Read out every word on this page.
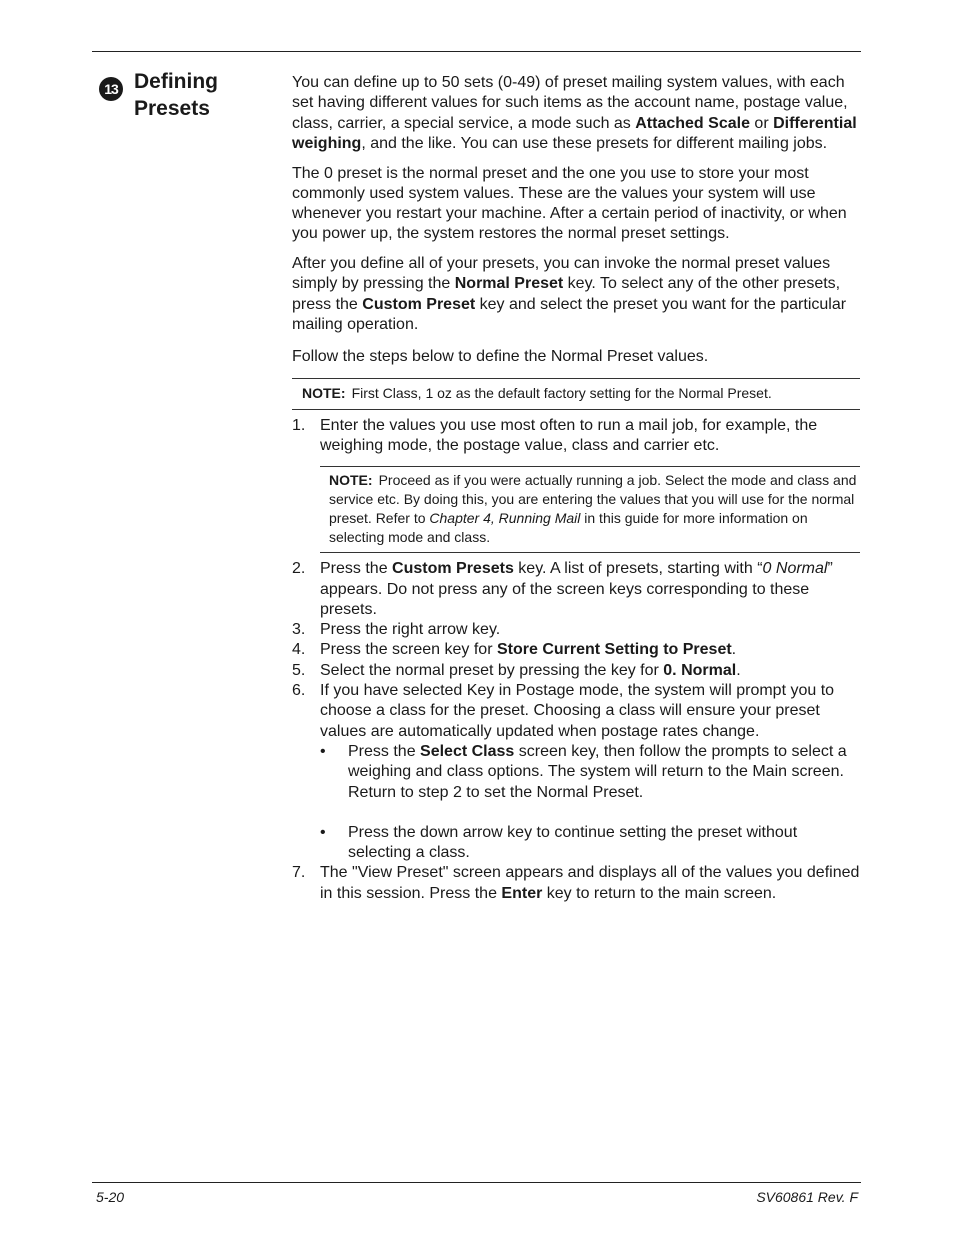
13 Defining
Presets

You can define up to 50 sets (0-49) of preset mailing system values, with each set having different values for such items as the account name, postage value, class, carrier, a special service, a mode such as Attached Scale or Differential weighing, and the like. You can use these presets for different mailing jobs.

The 0 preset is the normal preset and the one you use to store your most commonly used system values. These are the values your system will use whenever you restart your machine. After a certain period of inactivity, or when you power up, the system restores the normal preset settings.

After you define all of your presets, you can invoke the normal preset values simply by pressing the Normal Preset key. To select any of the other presets, press the Custom Preset key and select the preset you want for the particular mailing operation.

Follow the steps below to define the Normal Preset values.

NOTE: First Class, 1 oz as the default factory setting for the Normal Preset.
1. Enter the values you use most often to run a mail job, for example, the weighing mode, the postage value, class and carrier etc.
NOTE: Proceed as if you were actually running a job. Select the mode and class and service etc. By doing this, you are entering the values that you will use for the normal preset. Refer to Chapter 4, Running Mail in this guide for more information on selecting mode and class.
2. Press the Custom Presets key. A list of presets, starting with “0 Normal” appears. Do not press any of the screen keys corresponding to these presets.
3. Press the right arrow key.
4. Press the screen key for Store Current Setting to Preset.
5. Select the normal preset by pressing the key for 0. Normal.
6. If you have selected Key in Postage mode, the system will prompt you to choose a class for the preset. Choosing a class will ensure your preset values are automatically updated when postage rates change.
• Press the Select Class screen key, then follow the prompts to select a weighing and class options. The system will return to the Main screen. Return to step 2 to set the Normal Preset.
• Press the down arrow key to continue setting the preset without selecting a class.
7. The "View Preset" screen appears and displays all of the values you defined in this session. Press the Enter key to return to the main screen.
5-20	SV60861 Rev. F
